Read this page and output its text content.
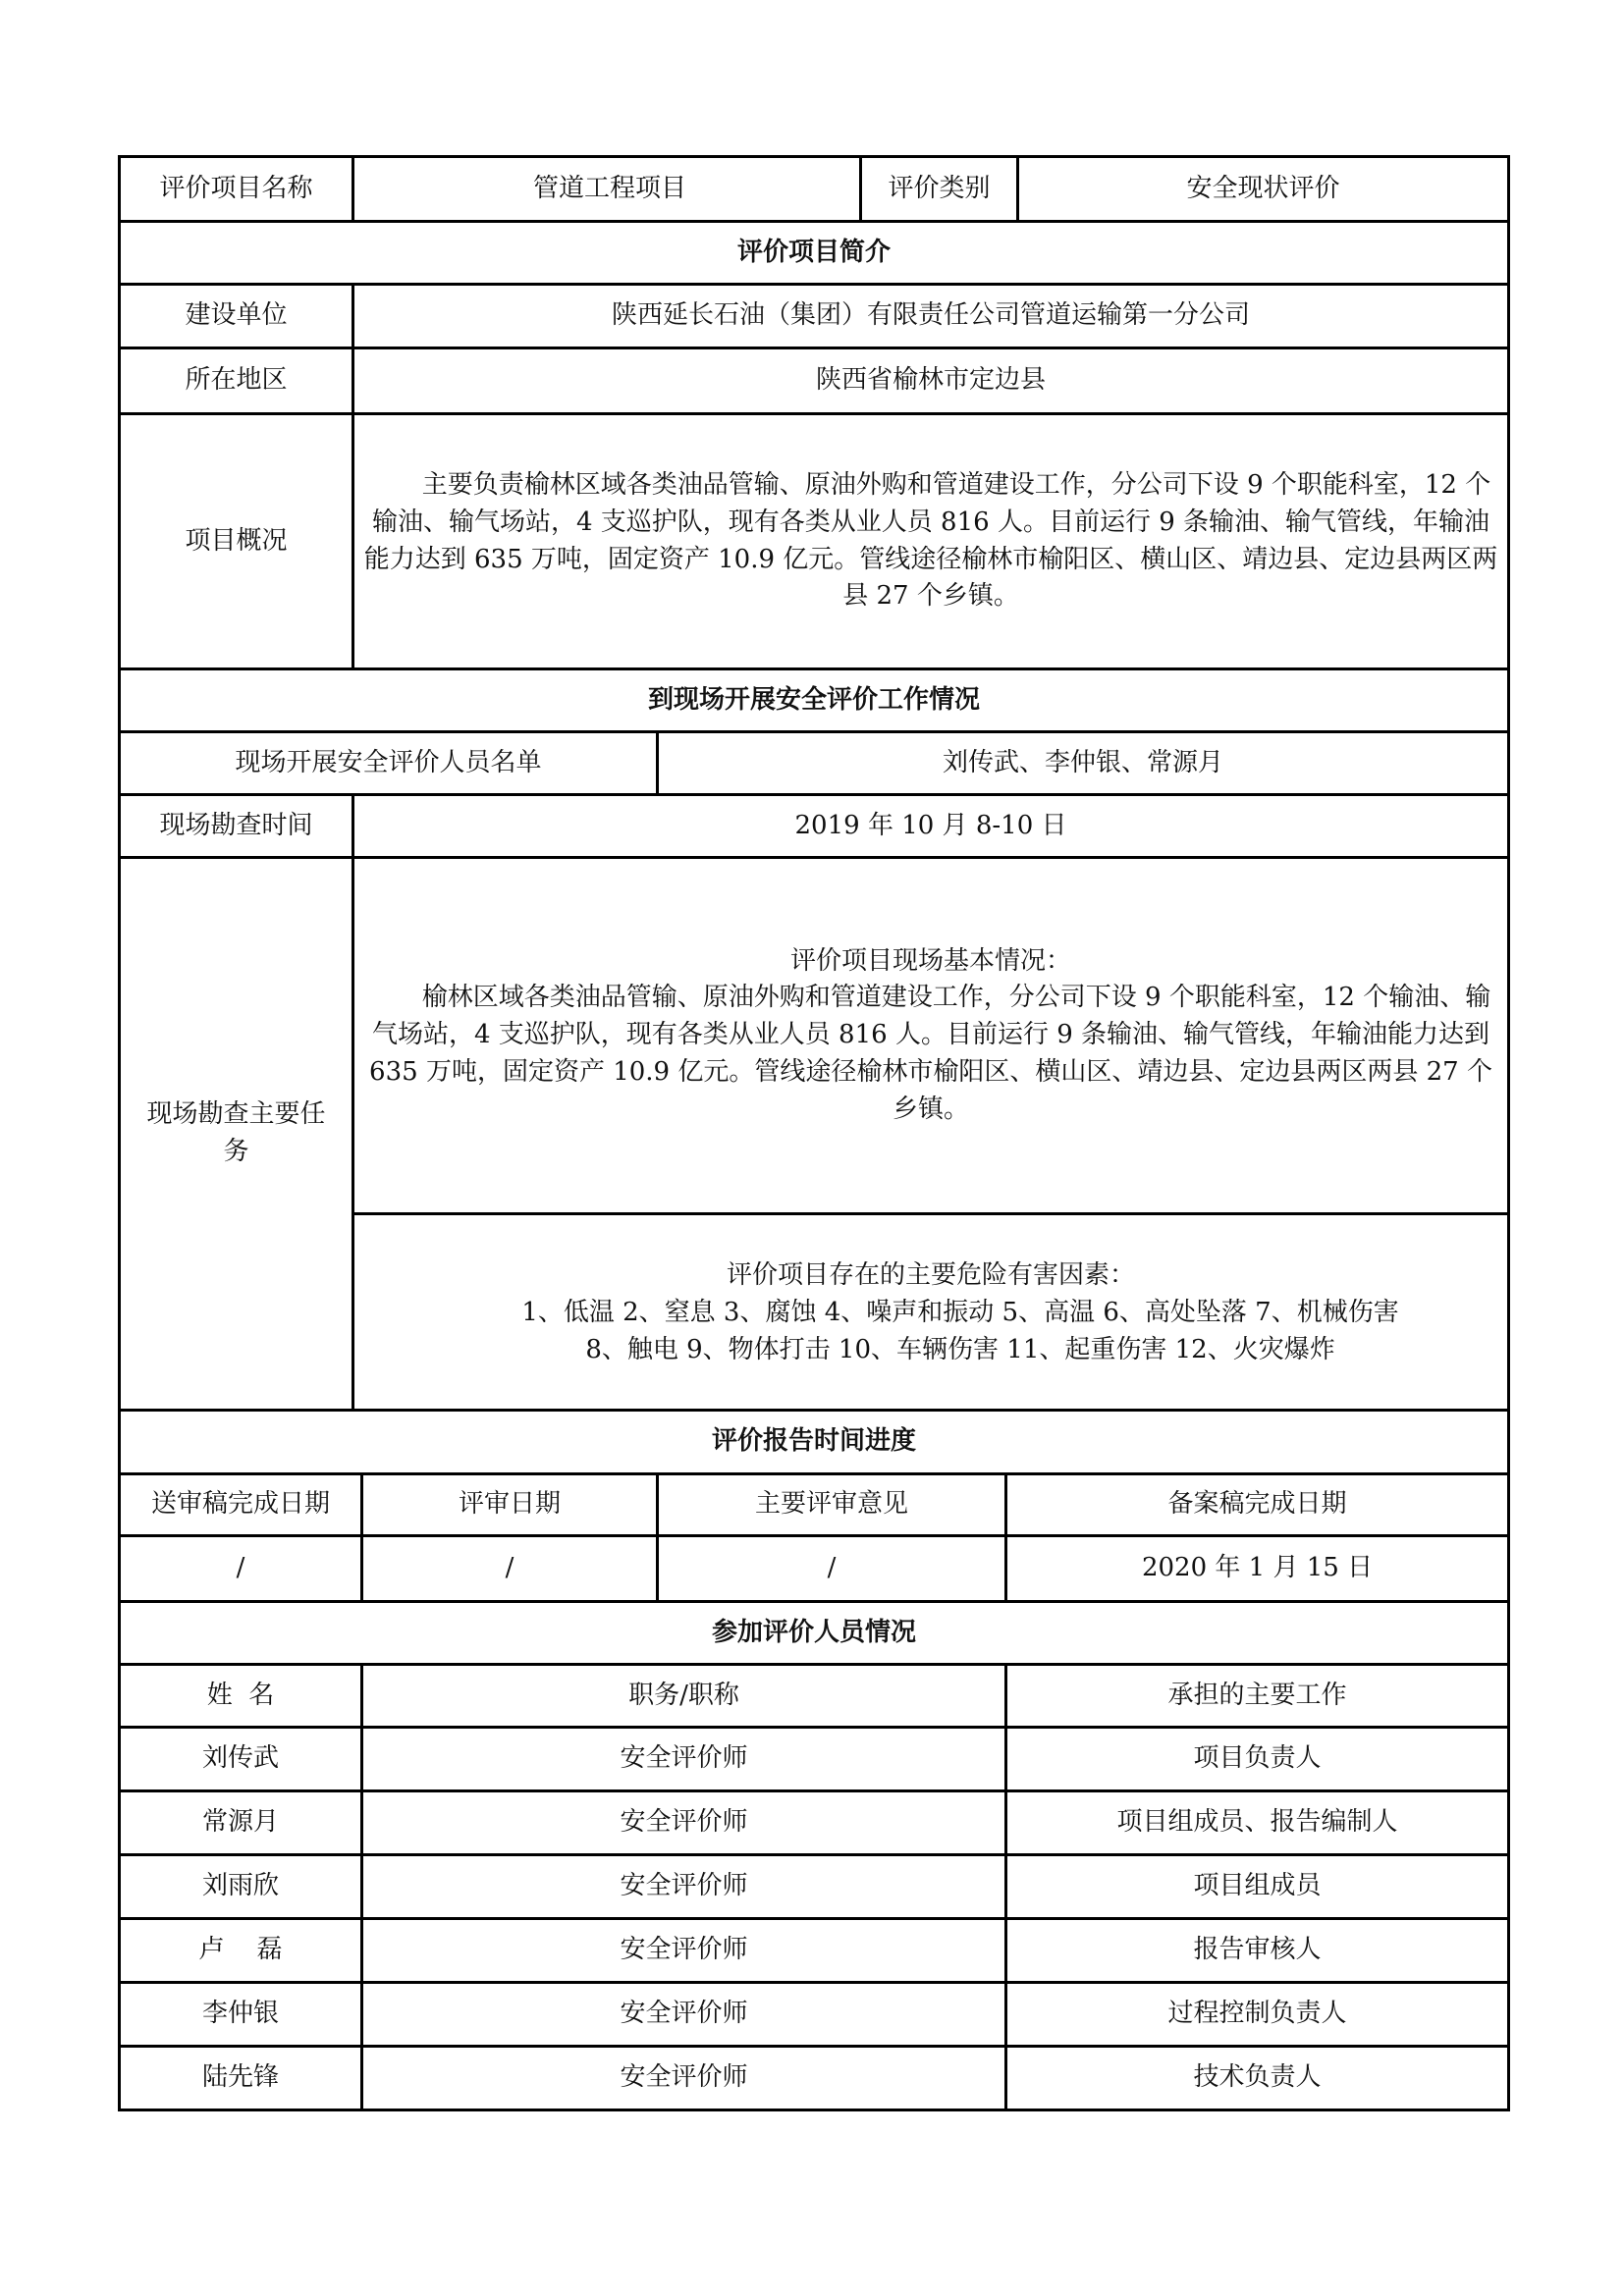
评价项目名称	管道工程项目			评价类别		安全现状评价
评价项目简介						
建设单位	陕西延长石油（集团）有限责任公司管道运输第一分公司					
所在地区	陕西省榆林市定边县					
项目概况	主要负责榆林区域各类油品管输、原油外购和管道建设工作，分公司下设 9 个职能科室，12 个输油、输气场站，4 支巡护队，现有各类从业人员 816 人。目前运行 9 条输油、输气管线，年输油能力达到 635 万吨，固定资产 10.9 亿元。管线途径榆林市榆阳区、横山区、靖边县、定边县两区两县 27 个乡镇。					

到现场开展安全评价工作情况						
现场开展安全评价人员名单			刘传武、李仲银、常源月			
现场勘查时间	2019 年 10 月 8-10 日					
现场勘查主要任务	评价项目现场基本情况：
榆林区域各类油品管输、原油外购和管道建设工作，分公司下设 9 个职能科室，12 个输油、输气场站，4 支巡护队，现有各类从业人员 816 人。目前运行 9 条输油、输气管线，年输油能力达到 635 万吨，固定资产 10.9 亿元。管线途径榆林市榆阳区、横山区、靖边县、定边县两区两县 27 个乡镇。					

	评价项目存在的主要危险有害因素：
1、低温 2、窒息 3、腐蚀 4、噪声和振动 5、高温 6、高处坠落 7、机械伤害
8、触电 9、物体打击 10、车辆伤害 11、起重伤害 12、火灾爆炸					

评价报告时间进度						
送审稿完成日期		评审日期	主要评审意见		备案稿完成日期	
/		/	/		2020 年 1 月 15 日	
参加评价人员情况						
姓  名		职务/职称			承担的主要工作	
刘传武		安全评价师			项目负责人	
常源月		安全评价师			项目组成员、报告编制人	
刘雨欣		安全评价师			项目组成员	
卢    磊		安全评价师			报告审核人	
李仲银		安全评价师			过程控制负责人	
陆先锋		安全评价师			技术负责人	
